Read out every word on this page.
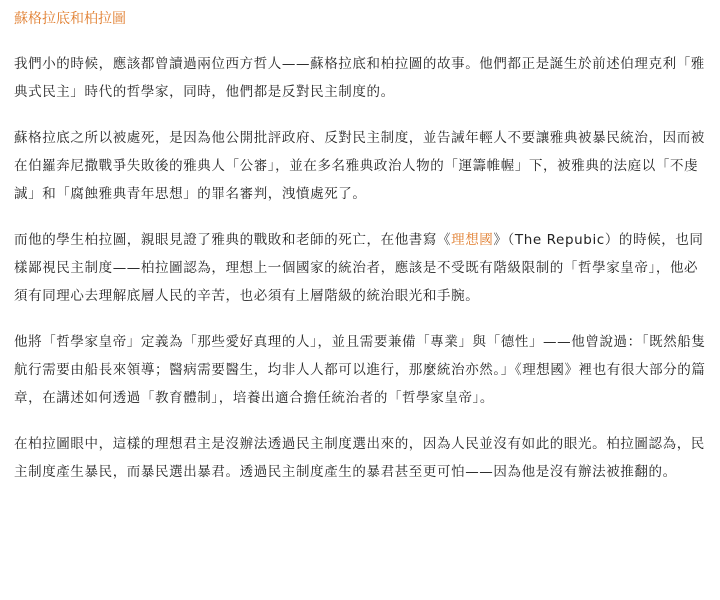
蘇格拉底和柏拉圖

我們小的時候，應該都曾讀過兩位西方哲人——蘇格拉底和柏拉圖的故事。他們都正是誕生於前述伯理克利「雅典式民主」時代的哲學家，同時，他們都是反對民主制度的。

蘇格拉底之所以被處死，是因為他公開批評政府、反對民主制度，並告誡年輕人不要讓雅典被暴民統治，因而被在伯羅奔尼撒戰爭失敗後的雅典人「公審」，並在多名雅典政治人物的「運籌帷幄」下，被雅典的法庭以「不虔誠」和「腐蝕雅典青年思想」的罪名審判，洩憤處死了。

而他的學生柏拉圖，親眼見證了雅典的戰敗和老師的死亡，在他書寫《理想國》（The Repubic）的時候，也同樣鄙視民主制度——柏拉圖認為，理想上一個國家的統治者，應該是不受既有階級限制的「哲學家皇帝」，他必須有同理心去理解底層人民的辛苦，也必須有上層階級的統治眼光和手腕。

他將「哲學家皇帝」定義為「那些愛好真理的人」，並且需要兼備「專業」與「德性」——他曾說過：「既然船隻航行需要由船長來領導；醫病需要醫生，均非人人都可以進行，那麼統治亦然。」《理想國》裡也有很大部分的篇章，在講述如何透過「教育體制」，培養出適合擔任統治者的「哲學家皇帝」。

在柏拉圖眼中，這樣的理想君主是沒辦法透過民主制度選出來的，因為人民並沒有如此的眼光。柏拉圖認為，民主制度產生暴民，而暴民選出暴君。透過民主制度產生的暴君甚至更可怕——因為他是沒有辦法被推翻的。
